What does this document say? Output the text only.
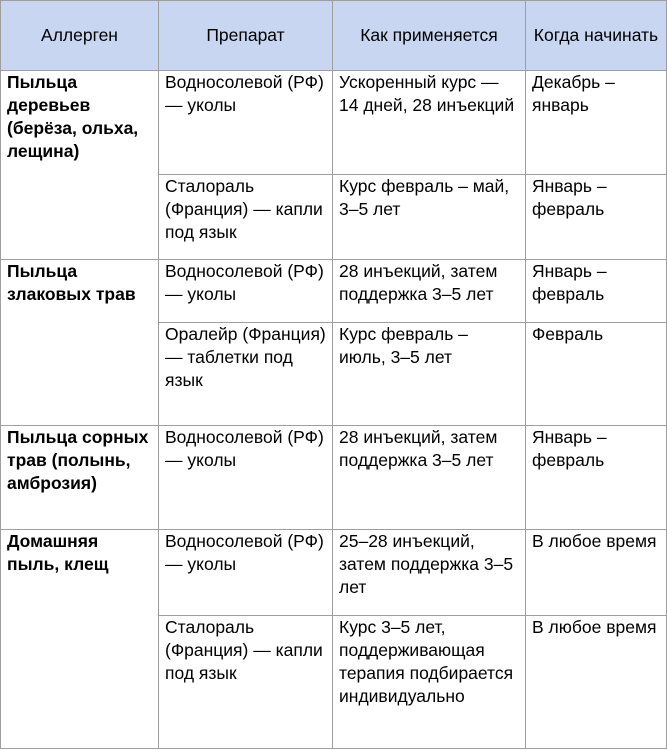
Аллерген	Препарат	Как применяется	Когда начинать
Пыльца деревьев (берёза, ольха, лещина)	Водносолевой (РФ) — уколы	Ускоренный курс — 14 дней, 28 инъекций	Декабрь – январь
	Сталораль (Франция) — капли под язык	Курс февраль – май, 3–5 лет	Январь – февраль
Пыльца злаковых трав	Водносолевой (РФ) — уколы	28 инъекций, затем поддержка 3–5 лет	Январь – февраль
	Оралейр (Франция) — таблетки под язык	Курс февраль – июль, 3–5 лет	Февраль
Пыльца сорных трав (полынь, амброзия)	Водносолевой (РФ) — уколы	28 инъекций, затем поддержка 3–5 лет	Январь – февраль
Домашняя пыль, клещ	Водносолевой (РФ) — уколы	25–28 инъекций, затем поддержка 3–5 лет	В любое время
	Сталораль (Франция) — капли под язык	Курс 3–5 лет, поддерживающая терапия подбирается индивидуально	В любое время
